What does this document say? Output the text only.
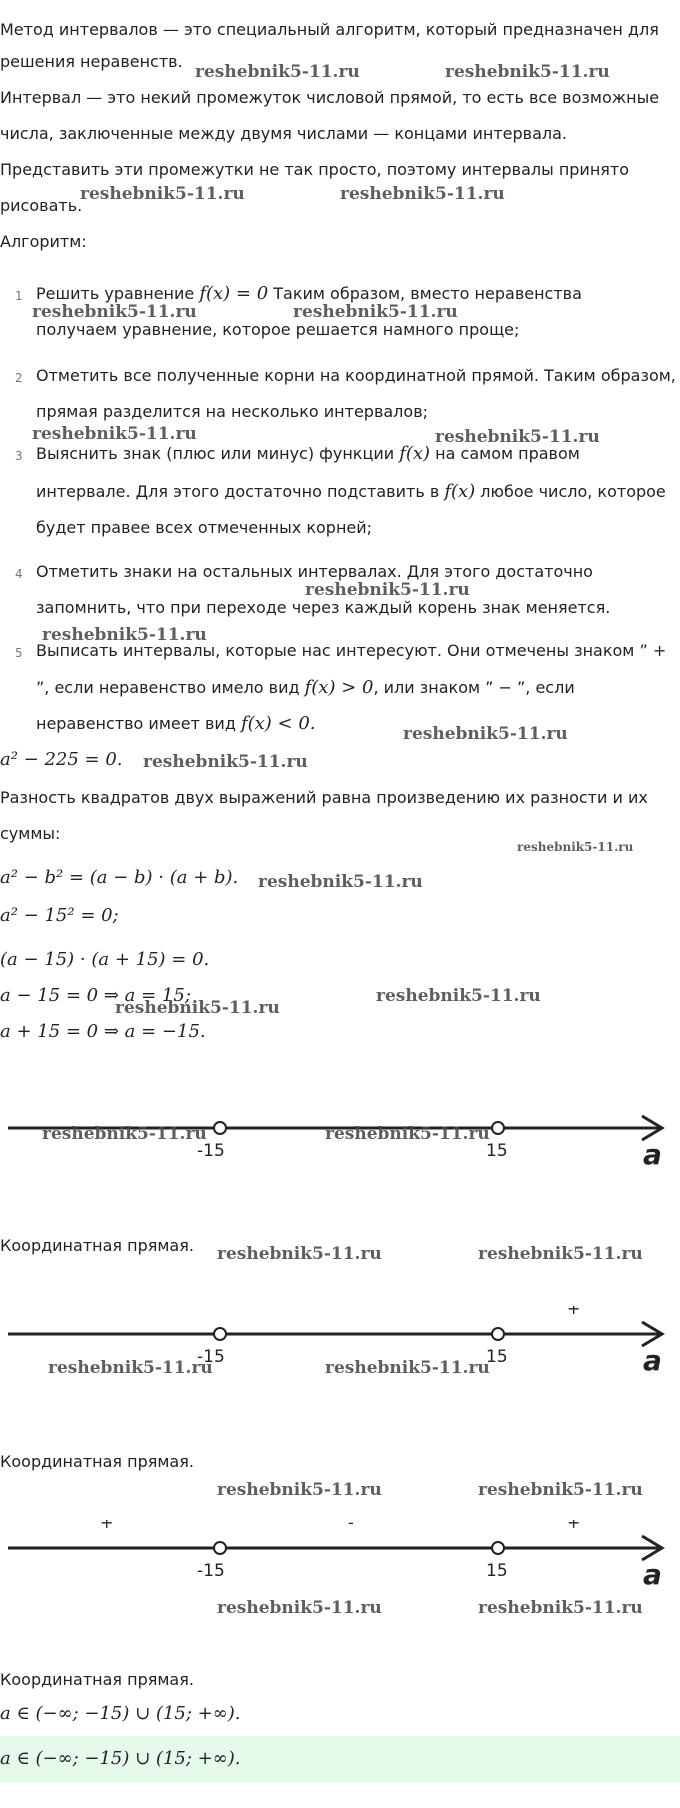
Метод интервалов — это специальный алгоритм, который предназначен для
решения неравенств.
Интервал — это некий промежуток числовой прямой, то есть все возможные
числа, заключенные между двумя числами — концами интервала.
Представить эти промежутки не так просто, поэтому интервалы принято
рисовать.
Алгоритм:
1 Решить уравнение f(x) = 0 Таким образом, вместо неравенства
получаем уравнение, которое решается намного проще;
2 Отметить все полученные корни на координатной прямой. Таким образом,
прямая разделится на несколько интервалов;
3 Выяснить знак (плюс или минус) функции f(x) на самом правом
интервале. Для этого достаточно подставить в f(x) любое число, которое
будет правее всех отмеченных корней;
4 Отметить знаки на остальных интервалах. Для этого достаточно
запомнить, что при переходе через каждый корень знак меняется.
5 Выписать интервалы, которые нас интересуют. Они отмечены знаком ” +
”, если неравенство имело вид f(x) > 0, или знаком ” − ”, если
неравенство имеет вид f(x) < 0.
a² − 225 = 0.
Разность квадратов двух выражений равна произведению их разности и их
суммы:
a² − b² = (a − b) · (a + b).
a² − 15² = 0;
(a − 15) · (a + 15) = 0.
a − 15 = 0 ⇒ a = 15;
a + 15 = 0 ⇒ a = −15.
-15	15	a
Координатная прямая.
-15	15	a
+
Координатная прямая.
-15	15	a
+	-	+
Координатная прямая.
a ∈ (−∞; −15) ∪ (15; +∞).
a ∈ (−∞; −15) ∪ (15; +∞).
reshebnik5-11.ru	reshebnik5-11.ru
reshebnik5-11.ru	reshebnik5-11.ru
reshebnik5-11.ru	reshebnik5-11.ru
reshebnik5-11.ru	reshebnik5-11.ru
reshebnik5-11.ru
reshebnik5-11.ru
reshebnik5-11.ru
reshebnik5-11.ru
reshebnik5-11.ru
reshebnik5-11.ru
reshebnik5-11.ru
reshebnik5-11.ru
reshebnik5-11.ru	reshebnik5-11.ru
reshebnik5-11.ru	reshebnik5-11.ru
reshebnik5-11.ru	reshebnik5-11.ru
reshebnik5-11.ru	reshebnik5-11.ru
reshebnik5-11.ru	reshebnik5-11.ru
